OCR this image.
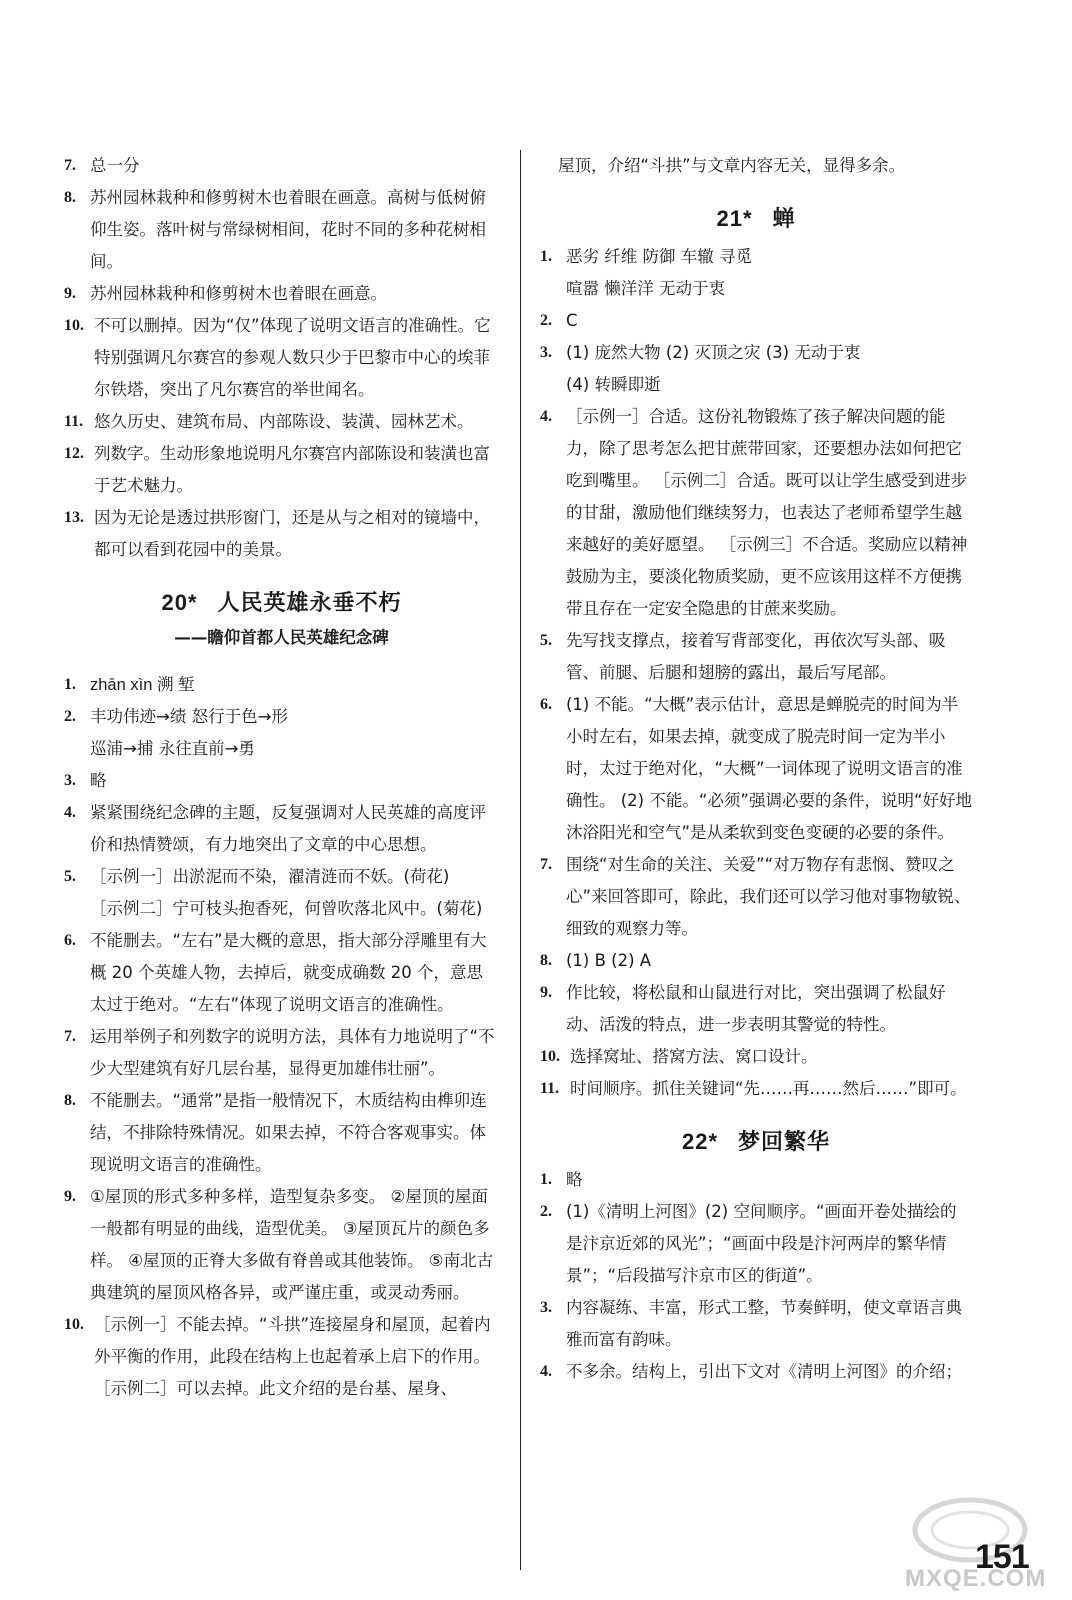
7. 总一分
8. 苏州园林栽种和修剪树木也着眼在画意。高树与低树俯仰生姿。落叶树与常绿树相间，花时不同的多种花树相间。
9. 苏州园林栽种和修剪树木也着眼在画意。
10. 不可以删掉。因为“仅”体现了说明文语言的准确性。它特别强调凡尔赛宫的参观人数只少于巴黎市中心的埃菲尔铁塔，突出了凡尔赛宫的举世闻名。
11. 悠久历史、建筑布局、内部陈设、装潢、园林艺术。
12. 列数字。生动形象地说明凡尔赛宫内部陈设和装潢也富于艺术魅力。
13. 因为无论是透过拱形窗门，还是从与之相对的镜墙中，都可以看到花园中的美景。
20* 人民英雄永垂不朽
——瞻仰首都人民英雄纪念碑
1. zhān xìn 溯 堑
2. 丰功伟迹→绩 怒行于色→形
巡浦→捕 永往直前→勇
3. 略
4. 紧紧围绕纪念碑的主题，反复强调对人民英雄的高度评价和热情赞颂，有力地突出了文章的中心思想。
5. ［示例一］出淤泥而不染，濯清涟而不妖。(荷花)
［示例二］宁可枝头抱香死，何曾吹落北风中。(菊花)
6. 不能删去。“左右”是大概的意思，指大部分浮雕里有大概 20 个英雄人物，去掉后，就变成确数 20 个，意思太过于绝对。“左右”体现了说明文语言的准确性。
7. 运用举例子和列数字的说明方法，具体有力地说明了“不少大型建筑有好几层台基，显得更加雄伟壮丽”。
8. 不能删去。“通常”是指一般情况下，木质结构由榫卯连结，不排除特殊情况。如果去掉，不符合客观事实。体现说明文语言的准确性。
9. ①屋顶的形式多种多样，造型复杂多变。 ②屋顶的屋面一般都有明显的曲线，造型优美。 ③屋顶瓦片的颜色多样。 ④屋顶的正脊大多做有脊兽或其他装饰。 ⑤南北古典建筑的屋顶风格各异，或严谨庄重，或灵动秀丽。
10. ［示例一］不能去掉。“斗拱”连接屋身和屋顶，起着内外平衡的作用，此段在结构上也起着承上启下的作用。 ［示例二］可以去掉。此文介绍的是台基、屋身、
屋顶，介绍“斗拱”与文章内容无关，显得多余。
21* 蝉
1. 恶劣 纤维 防御 车辙 寻觅
喧嚣 懒洋洋 无动于衷
2. C
3. (1) 庞然大物 (2) 灭顶之灾 (3) 无动于衷
(4) 转瞬即逝
4. ［示例一］合适。这份礼物锻炼了孩子解决问题的能力，除了思考怎么把甘蔗带回家，还要想办法如何把它吃到嘴里。 ［示例二］合适。既可以让学生感受到进步的甘甜，激励他们继续努力，也表达了老师希望学生越来越好的美好愿望。 ［示例三］不合适。奖励应以精神鼓励为主，要淡化物质奖励，更不应该用这样不方便携带且存在一定安全隐患的甘蔗来奖励。
5. 先写找支撑点，接着写背部变化，再依次写头部、吸管、前腿、后腿和翅膀的露出，最后写尾部。
6. (1) 不能。“大概”表示估计，意思是蝉脱壳的时间为半小时左右，如果去掉，就变成了脱壳时间一定为半小时，太过于绝对化，“大概”一词体现了说明文语言的准确性。 (2) 不能。“必须”强调必要的条件，说明“好好地沐浴阳光和空气”是从柔软到变色变硬的必要的条件。
7. 围绕“对生命的关注、关爱”“对万物存有悲悯、赞叹之心”来回答即可，除此，我们还可以学习他对事物敏锐、细致的观察力等。
8. (1) B (2) A
9. 作比较，将松鼠和山鼠进行对比，突出强调了松鼠好动、活泼的特点，进一步表明其警觉的特性。
10. 选择窝址、搭窝方法、窝口设计。
11. 时间顺序。抓住关键词“先……再……然后……”即可。
22* 梦回繁华
1. 略
2. (1)《清明上河图》(2) 空间顺序。“画面开卷处描绘的是汴京近郊的风光”；“画面中段是汴河两岸的繁华情景”；“后段描写汴京市区的街道”。
3. 内容凝练、丰富，形式工整，节奏鲜明，使文章语言典雅而富有韵味。
4. 不多余。结构上，引出下文对《清明上河图》的介绍；
MXQE.COM
151
